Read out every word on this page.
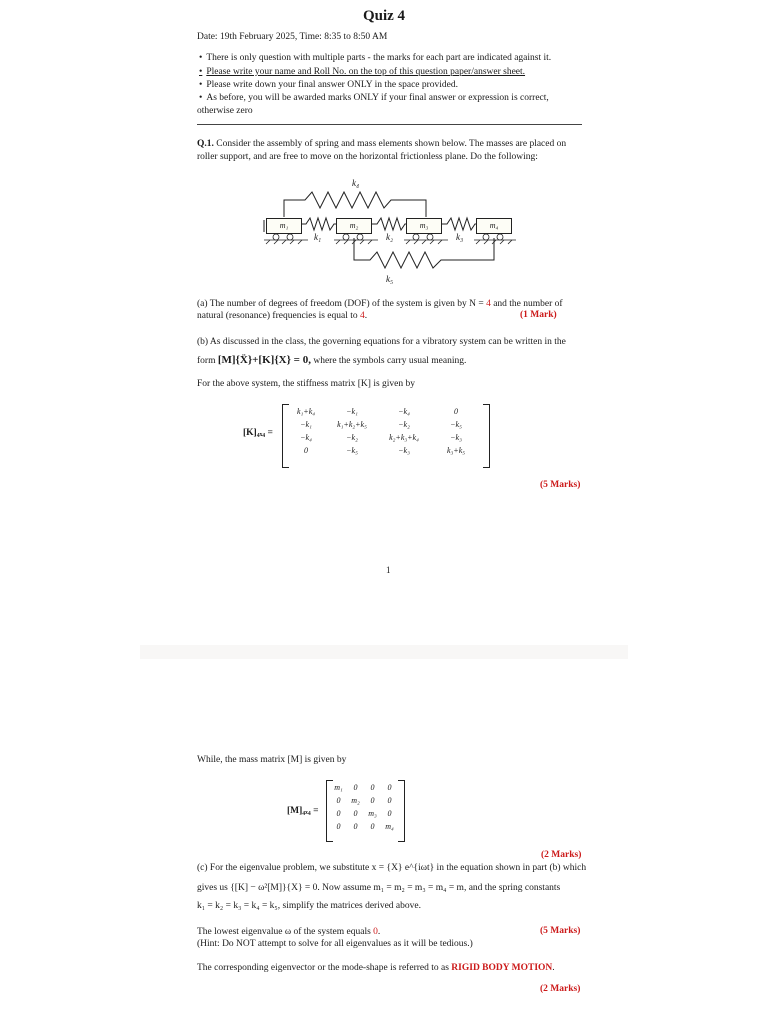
Quiz 4
Date: 19th February 2025, Time: 8:35 to 8:50 AM
• There is only question with multiple parts - the marks for each part are indicated against it.
• Please write your name and Roll No. on the top of this question paper/answer sheet.
• Please write down your final answer ONLY in the space provided.
• As before, you will be awarded marks ONLY if your final answer or expression is correct,
otherwise zero
Q.1. Consider the assembly of spring and mass elements shown below. The masses are placed on
roller support, and are free to move on the horizontal frictionless plane. Do the following:
m₁	m₂	m₃	m₄
k₁	k₂	k₃
k₄
k₅
(a) The number of degrees of freedom (DOF) of the system is given by N = 4 and the number of
natural (resonance) frequencies is equal to 4.	(1 Mark)
(b) As discussed in the class, the governing equations for a vibratory system can be written in the
form [M]{Ẍ}+[K]{X} = 0, where the symbols carry usual meaning.
For the above system, the stiffness matrix [K] is given by
[K]₄ₓ₄ =
k₁+k₄	−k₁	−k₄	0
−k₁	k₁+k₂+k₅	−k₂	−k₅
−k₄	−k₂	k₂+k₃+k₄	−k₃
0	−k₅	−k₃	k₃+k₅
(5 Marks)
1
While, the mass matrix [M] is given by
[M]₄ₓ₄ =
m₁	0	0	0
0	m₂	0	0
0	0	m₃	0
0	0	0	m₄
(2 Marks)
(c) For the eigenvalue problem, we substitute x = {X} e^{iωt} in the equation shown in part (b) which
gives us {[K] − ω²[M]}{X} = 0. Now assume m₁ = m₂ = m₃ = m₄ = m, and the spring constants
k₁ = k₂ = k₃ = k₄ = k₅, simplify the matrices derived above.
The lowest eigenvalue ω of the system equals 0.	(5 Marks)
(Hint: Do NOT attempt to solve for all eigenvalues as it will be tedious.)
The corresponding eigenvector or the mode-shape is referred to as RIGID BODY MOTION.
(2 Marks)
